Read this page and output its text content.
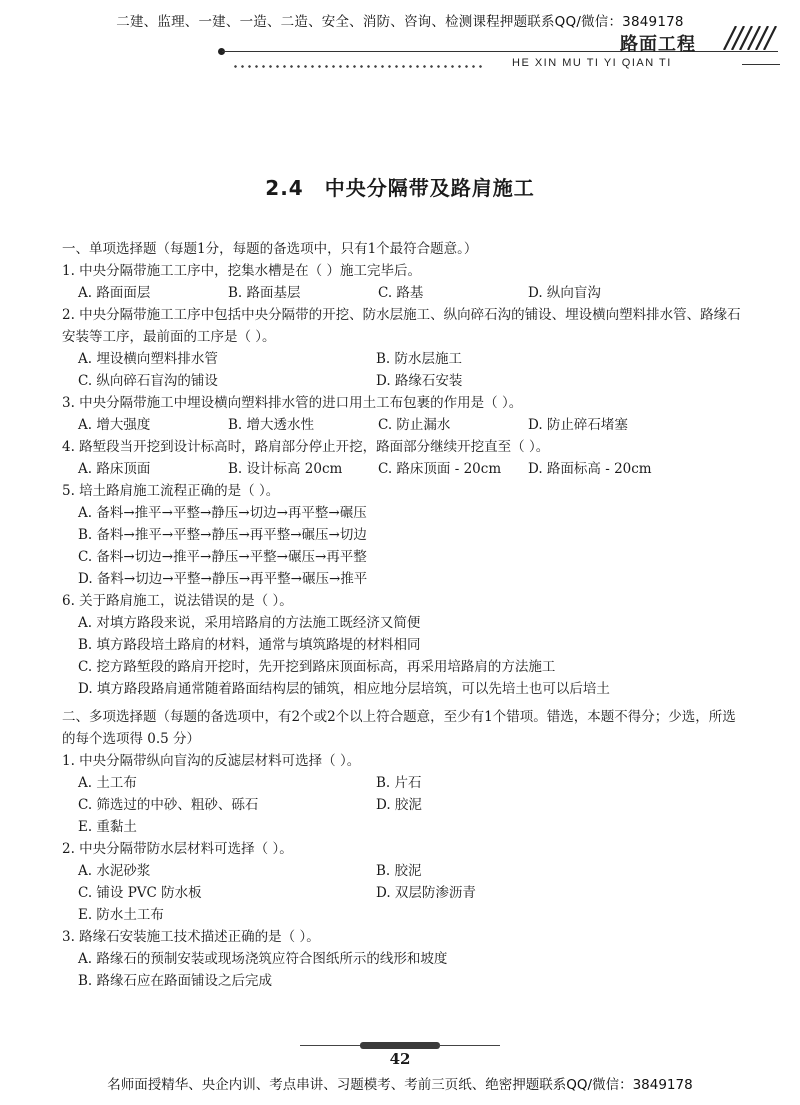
二建、监理、一建、一造、二造、安全、消防、咨询、检测课程押题联系QQ/微信：3849178
路面工程
HE XIN MU TI YI QIAN TI
2.4　中央分隔带及路肩施工

一、单项选择题（每题1分，每题的备选项中，只有1个最符合题意。）

1. 中央分隔带施工工序中，挖集水槽是在（ ）施工完毕后。
A. 路面面层	B. 路面基层	C. 路基	D. 纵向盲沟
2. 中央分隔带施工工序中包括中央分隔带的开挖、防水层施工、纵向碎石沟的铺设、埋设横向塑料排水管、路缘石安装等工序，最前面的工序是（ ）。
A. 埋设横向塑料排水管	B. 防水层施工
C. 纵向碎石盲沟的铺设	D. 路缘石安装
3. 中央分隔带施工中埋设横向塑料排水管的进口用土工布包裹的作用是（ ）。
A. 增大强度	B. 增大透水性	C. 防止漏水	D. 防止碎石堵塞
4. 路堑段当开挖到设计标高时，路肩部分停止开挖，路面部分继续开挖直至（ ）。
A. 路床顶面	B. 设计标高 20cm	C. 路床顶面 - 20cm	D. 路面标高 - 20cm
5. 培土路肩施工流程正确的是（ ）。
A. 备料→推平→平整→静压→切边→再平整→碾压
B. 备料→推平→平整→静压→再平整→碾压→切边
C. 备料→切边→推平→静压→平整→碾压→再平整
D. 备料→切边→平整→静压→再平整→碾压→推平
6. 关于路肩施工，说法错误的是（ ）。
A. 对填方路段来说，采用培路肩的方法施工既经济又简便
B. 填方路段培土路肩的材料，通常与填筑路堤的材料相同
C. 挖方路堑段的路肩开挖时，先开挖到路床顶面标高，再采用培路肩的方法施工
D. 填方路段路肩通常随着路面结构层的铺筑，相应地分层培筑，可以先培土也可以后培土

二、多项选择题（每题的备选项中，有2个或2个以上符合题意，至少有1个错项。错选，本题不得分；少选，所选的每个选项得 0.5 分）

1. 中央分隔带纵向盲沟的反滤层材料可选择（ ）。
A. 土工布	B. 片石
C. 筛选过的中砂、粗砂、砾石	D. 胶泥
E. 重黏土
2. 中央分隔带防水层材料可选择（ ）。
A. 水泥砂浆	B. 胶泥
C. 铺设 PVC 防水板	D. 双层防渗沥青
E. 防水土工布
3. 路缘石安装施工技术描述正确的是（ ）。
A. 路缘石的预制安装或现场浇筑应符合图纸所示的线形和坡度
B. 路缘石应在路面铺设之后完成
42
名师面授精华、央企内训、考点串讲、习题模考、考前三页纸、绝密押题联系QQ/微信：3849178
